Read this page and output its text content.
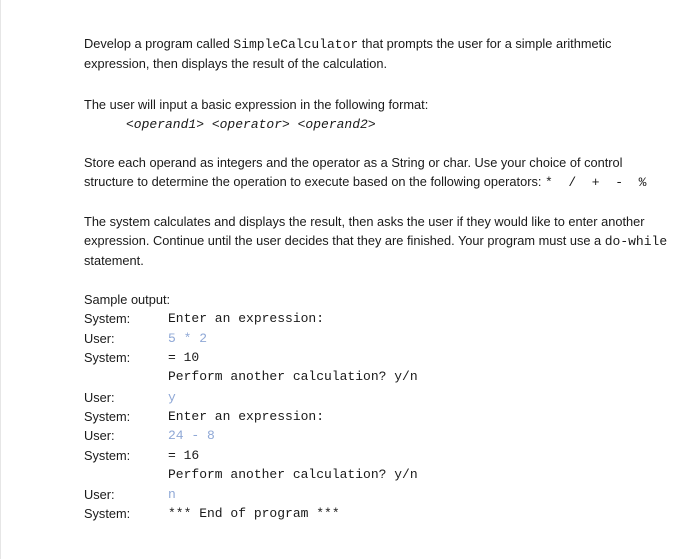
Develop a program called SimpleCalculator that prompts the user for a simple arithmetic expression, then displays the result of the calculation.

The user will input a basic expression in the following format:

<operand1> <operator> <operand2>

Store each operand as integers and the operator as a String or char. Use your choice of control structure to determine the operation to execute based on the following operators: *  /  +  -  %

The system calculates and displays the result, then asks the user if they would like to enter another expression. Continue until the user decides that they are finished. Your program must use a do-while statement.

Sample output:
System:	Enter an expression:
User:	5 * 2
System:	= 10
Perform another calculation? y/n
User:	y
System:	Enter an expression:
User:	24 - 8
System:	= 16
Perform another calculation? y/n
User:	n
System:	*** End of program ***
